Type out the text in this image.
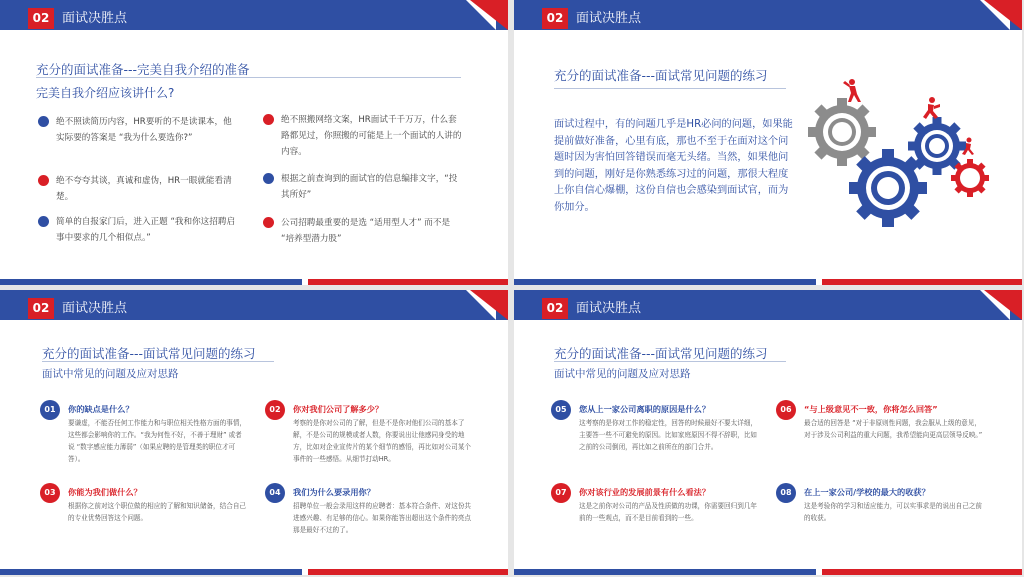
02 面试决胜点
充分的面试准备---完美自我介绍的准备
完美自我介绍应该讲什么?
绝不照读简历内容，HR要听的不是读课本，他实际要的答案是 “我为什么要选你?”
绝不夸夸其谈，真诚和虚伪，HR一眼就能看清楚。
简单的自报家门后，进入正题 “我和你这招聘启事中要求的几个相似点。”
绝不照搬网络文案，HR面试千千万万，什么套路都见过，你照搬的可能是上一个面试的人讲的内容。
根据之前查询到的面试官的信息编排文字，“投其所好”
公司招聘最重要的是选 “适用型人才” 而不是 “培养型潜力股”
02 面试决胜点
充分的面试准备---面试常见问题的练习
面试过程中，有的问题几乎是HR必问的问题，如果能提前做好准备，心里有底，那也不至于在面对这个问题时因为害怕回答错误而毫无头绪。当然，如果他问到的问题，刚好是你熟悉练习过的问题，那很大程度上你自信心爆棚，这份自信也会感染到面试官，而为你加分。
02 面试决胜点
充分的面试准备---面试常见问题的练习
面试中常见的问题及应对思路
01	你的缺点是什么？
要谦虚，不能否任何工作能力和与职位相关性格方面的事情，这些都会影响你的工作。“我为何性不好，不善于理财” 或者说 “数字感应能力薄弱”（如果应聘的是管理类的职位才可答）。
02	你对我们公司了解多少？
考察的是你对公司的了解，但是不是你对他们公司的基本了解，不是公司的规模或者人数，你要说出让他感同身受的地方，比如对企业宣传片的某个细节的感悟，再比如对公司某个事件的一些感悟。从细节打动HR。
03	你能为我们做什么？
根据你之前对这个职位做的相应的了解和知识储备，结合自己的专业优势回答这个问题。
04	我们为什么要录用你？
招聘单位一般会录用这样的应聘者：基本符合条件、对这份共进感兴趣、有足够的信心。如果你能答出超出这个条件的亮点那是最好不过的了。
02 面试决胜点
充分的面试准备---面试常见问题的练习
面试中常见的问题及应对思路
05	您从上一家公司离职的原因是什么？
这考察的是你对工作的稳定性，回答的时候最好不要太详细，主要答一些不可避免的原因。比如家庭原因不得不辞职，比如之前的公司倒闭，再比如之前所在的部门合并。
06	“与上级意见不一致，你将怎么回答”
最合适的回答是 “对于非原则性问题，我会服从上级的意见，对于涉及公司利益的重大问题，我希望能向更高层领导反映。”
07	你对该行业的发展前景有什么看法？
这是之前你对公司的产品及性质做的功课，你需要回归到几年前的一些观点，而不是目前看到的一些。
08	在上一家公司/学校的最大的收获？
这是考验你的学习和适应能力，可以实事求是的说出自己之前的收获。
